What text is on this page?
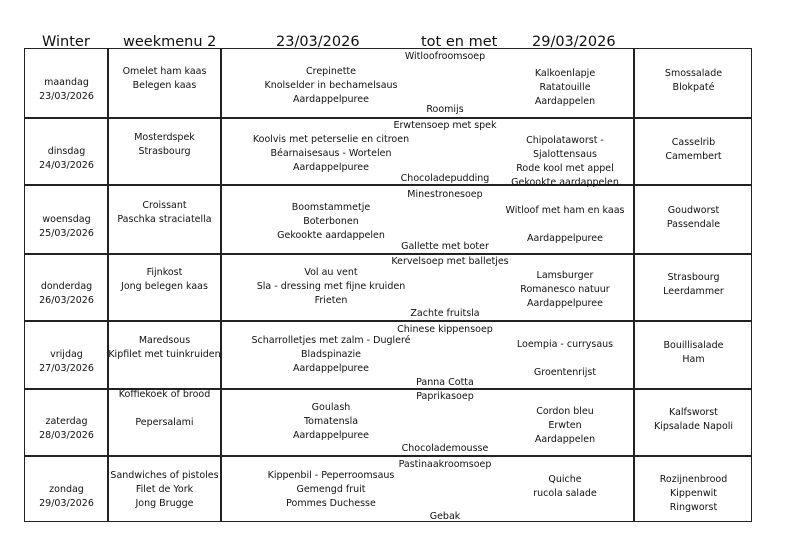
Winter weekmenu 2	23/03/2026	tot en met 29/03/2026
maandag
23/03/2026
Omelet ham kaas
Belegen kaas
Crepinette
Knolselder in bechamelsaus
Aardappelpuree
Witloofroomsoep
Roomijs
Kalkoenlapje
Ratatouille
Aardappelen
Smossalade
Blokpaté
dinsdag
24/03/2026
Mosterdspek
Strasbourg
Koolvis met peterselie en citroen
Béarnaisesaus - Wortelen
Aardappelpuree
Erwtensoep met spek
Chocoladepudding
Chipolataworst - Sjalottensaus
Rode kool met appel
Gekookte aardappelen
Casselrib
Camembert
woensdag
25/03/2026
Croissant
Paschka straciatella
Boomstammetje
Boterbonen
Gekookte aardappelen
Minestronesoep
Gallette met boter
Witloof met ham en kaas
Aardappelpuree
Goudworst
Passendale
donderdag
26/03/2026
Fijnkost
Jong belegen kaas
Vol au vent
Sla - dressing met fijne kruiden
Frieten
Kervelsoep met balletjes
Zachte fruitsla
Lamsburger
Romanesco natuur
Aardappelpuree
Strasbourg
Leerdammer
vrijdag
27/03/2026
Maredsous
Kipfilet met tuinkruiden
Scharrolletjes met zalm - Dugleré
Bladspinazie
Aardappelpuree
Chinese kippensoep
Panna Cotta
Loempia - currysaus
Groentenrijst
Bouillisalade
Ham
zaterdag
28/03/2026
Koffiekoek of brood
Pepersalami
Goulash
Tomatensla
Aardappelpuree
Paprikasoep
Chocolademousse
Cordon bleu
Erwten
Aardappelen
Kalfsworst
Kipsalade Napoli
zondag
29/03/2026
Sandwiches of pistoles
Filet de York
Jong Brugge
Kippenbil - Peperroomsaus
Gemengd fruit
Pommes Duchesse
Pastinaakroomsoep
Gebak
Quiche
rucola salade
Rozijnenbrood
Kippenwit
Ringworst
